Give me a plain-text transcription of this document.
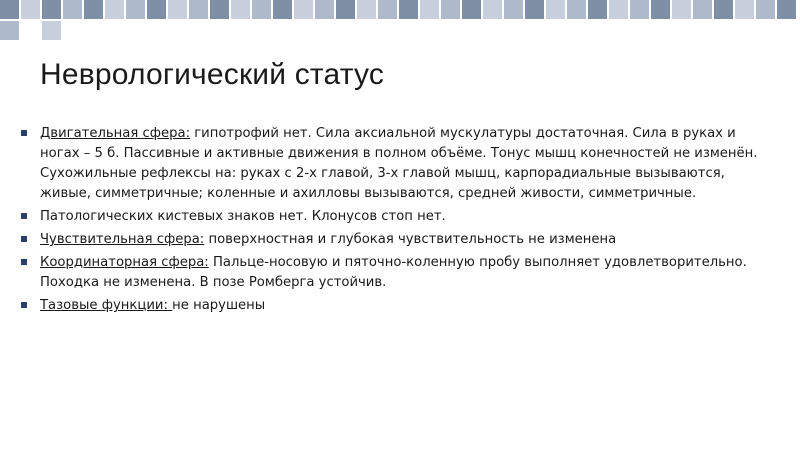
Неврологический статус
Двигательная сфера: гипотрофий нет. Сила аксиальной мускулатуры достаточная. Сила в руках и ногах – 5 б. Пассивные и активные движения в полном объёме. Тонус мышц конечностей не изменён. Сухожильные рефлексы на: руках с 2-х главой, 3-х главой мышц, карпорадиальные вызываются, живые, симметричные; коленные и ахилловы вызываются, средней живости, симметричные.
Патологических кистевых знаков нет. Клонусов стоп нет.
Чувствительная сфера: поверхностная и глубокая чувствительность не изменена
Координаторная сфера: Пальце-носовую и пяточно-коленную пробу выполняет удовлетворительно. Походка не изменена. В позе Ромберга устойчив.
Тазовые функции: не нарушены
